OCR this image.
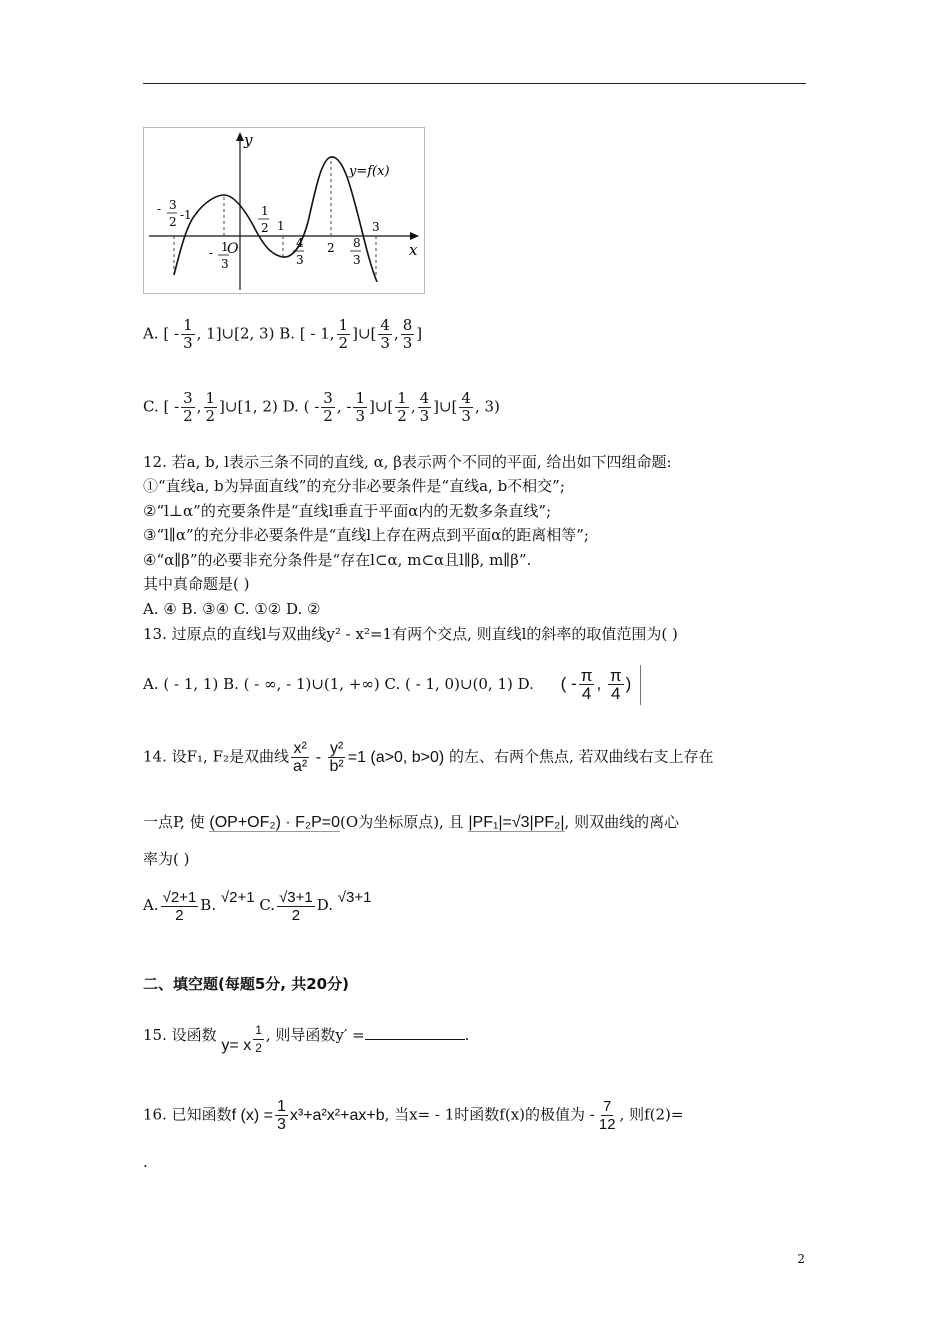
y
x
O
y=f(x)
- 3
2 -1
- 1
3
1
2 1
4
3
2 8
3
3
A. [ - $\frac{1}{3}$ , 1]∪[2, 3) B. [ - 1, $\frac{1}{2}$ ]∪[ $\frac{4}{3}$ , $\frac{8}{3}$ ]
C. [ - $\frac{3}{2}$ , $\frac{1}{2}$ ]∪[1, 2) D. ( - $\frac{3}{2}$ , - $\frac{1}{3}$ ]∪[ $\frac{1}{2}$ , $\frac{4}{3}$ ]∪[ $\frac{4}{3}$ , 3)
12. 若a, b, l表示三条不同的直线, α, β表示两个不同的平面, 给出如下四组命题:
①“直线a, b为异面直线”的充分非必要条件是“直线a, b不相交”;
②“l⊥α”的充要条件是“直线l垂直于平面α内的无数多条直线”;
③“l∥α”的充分非必要条件是“直线l上存在两点到平面α的距离相等”;
④“α∥β”的必要非充分条件是“存在l⊂α, m⊂α且l∥β, m∥β”.
其中真命题是( )
A. ④ B. ③④ C. ①② D. ②
13. 过原点的直线l与双曲线y² - x²=1有两个交点, 则直线l的斜率的取值范围为( )
A. ( - 1, 1) B. ( - ∞, - 1)∪(1, +∞) C. ( - 1, 0)∪(0, 1) D. ( - $\frac{\pi}{4}$ , $\frac{\pi}{4}$ )
14. 设F₁, F₂是双曲线 $\frac{\text{x²}}{\text{a²}} - \frac{\text{y²}}{\text{b²}} =1$ (a>0, b>0) 的左、右两个焦点, 若双曲线右支上存在
一点P, 使 (OP+OF₂) · F₂P=0(O为坐标原点), 且 |PF₁|=√3|PF₂|, 则双曲线的离心
率为( )
A. $\frac{√2+1}{2} B$. √2+1 C. $\frac{√3+1}{2} D$. √3+1
二、填空题(每题5分, 共20分)
15. 设函数 y= x $\frac{1}{2}$ , 则导函数y′ =	.
16. 已知函数f $(x) = \frac{1}{3} x^3+a^2x^2+ax+b$, 当x= - 1时函数f(x)的极值为 - $\frac{7}{12}$ , 则f(2)=
.
2
